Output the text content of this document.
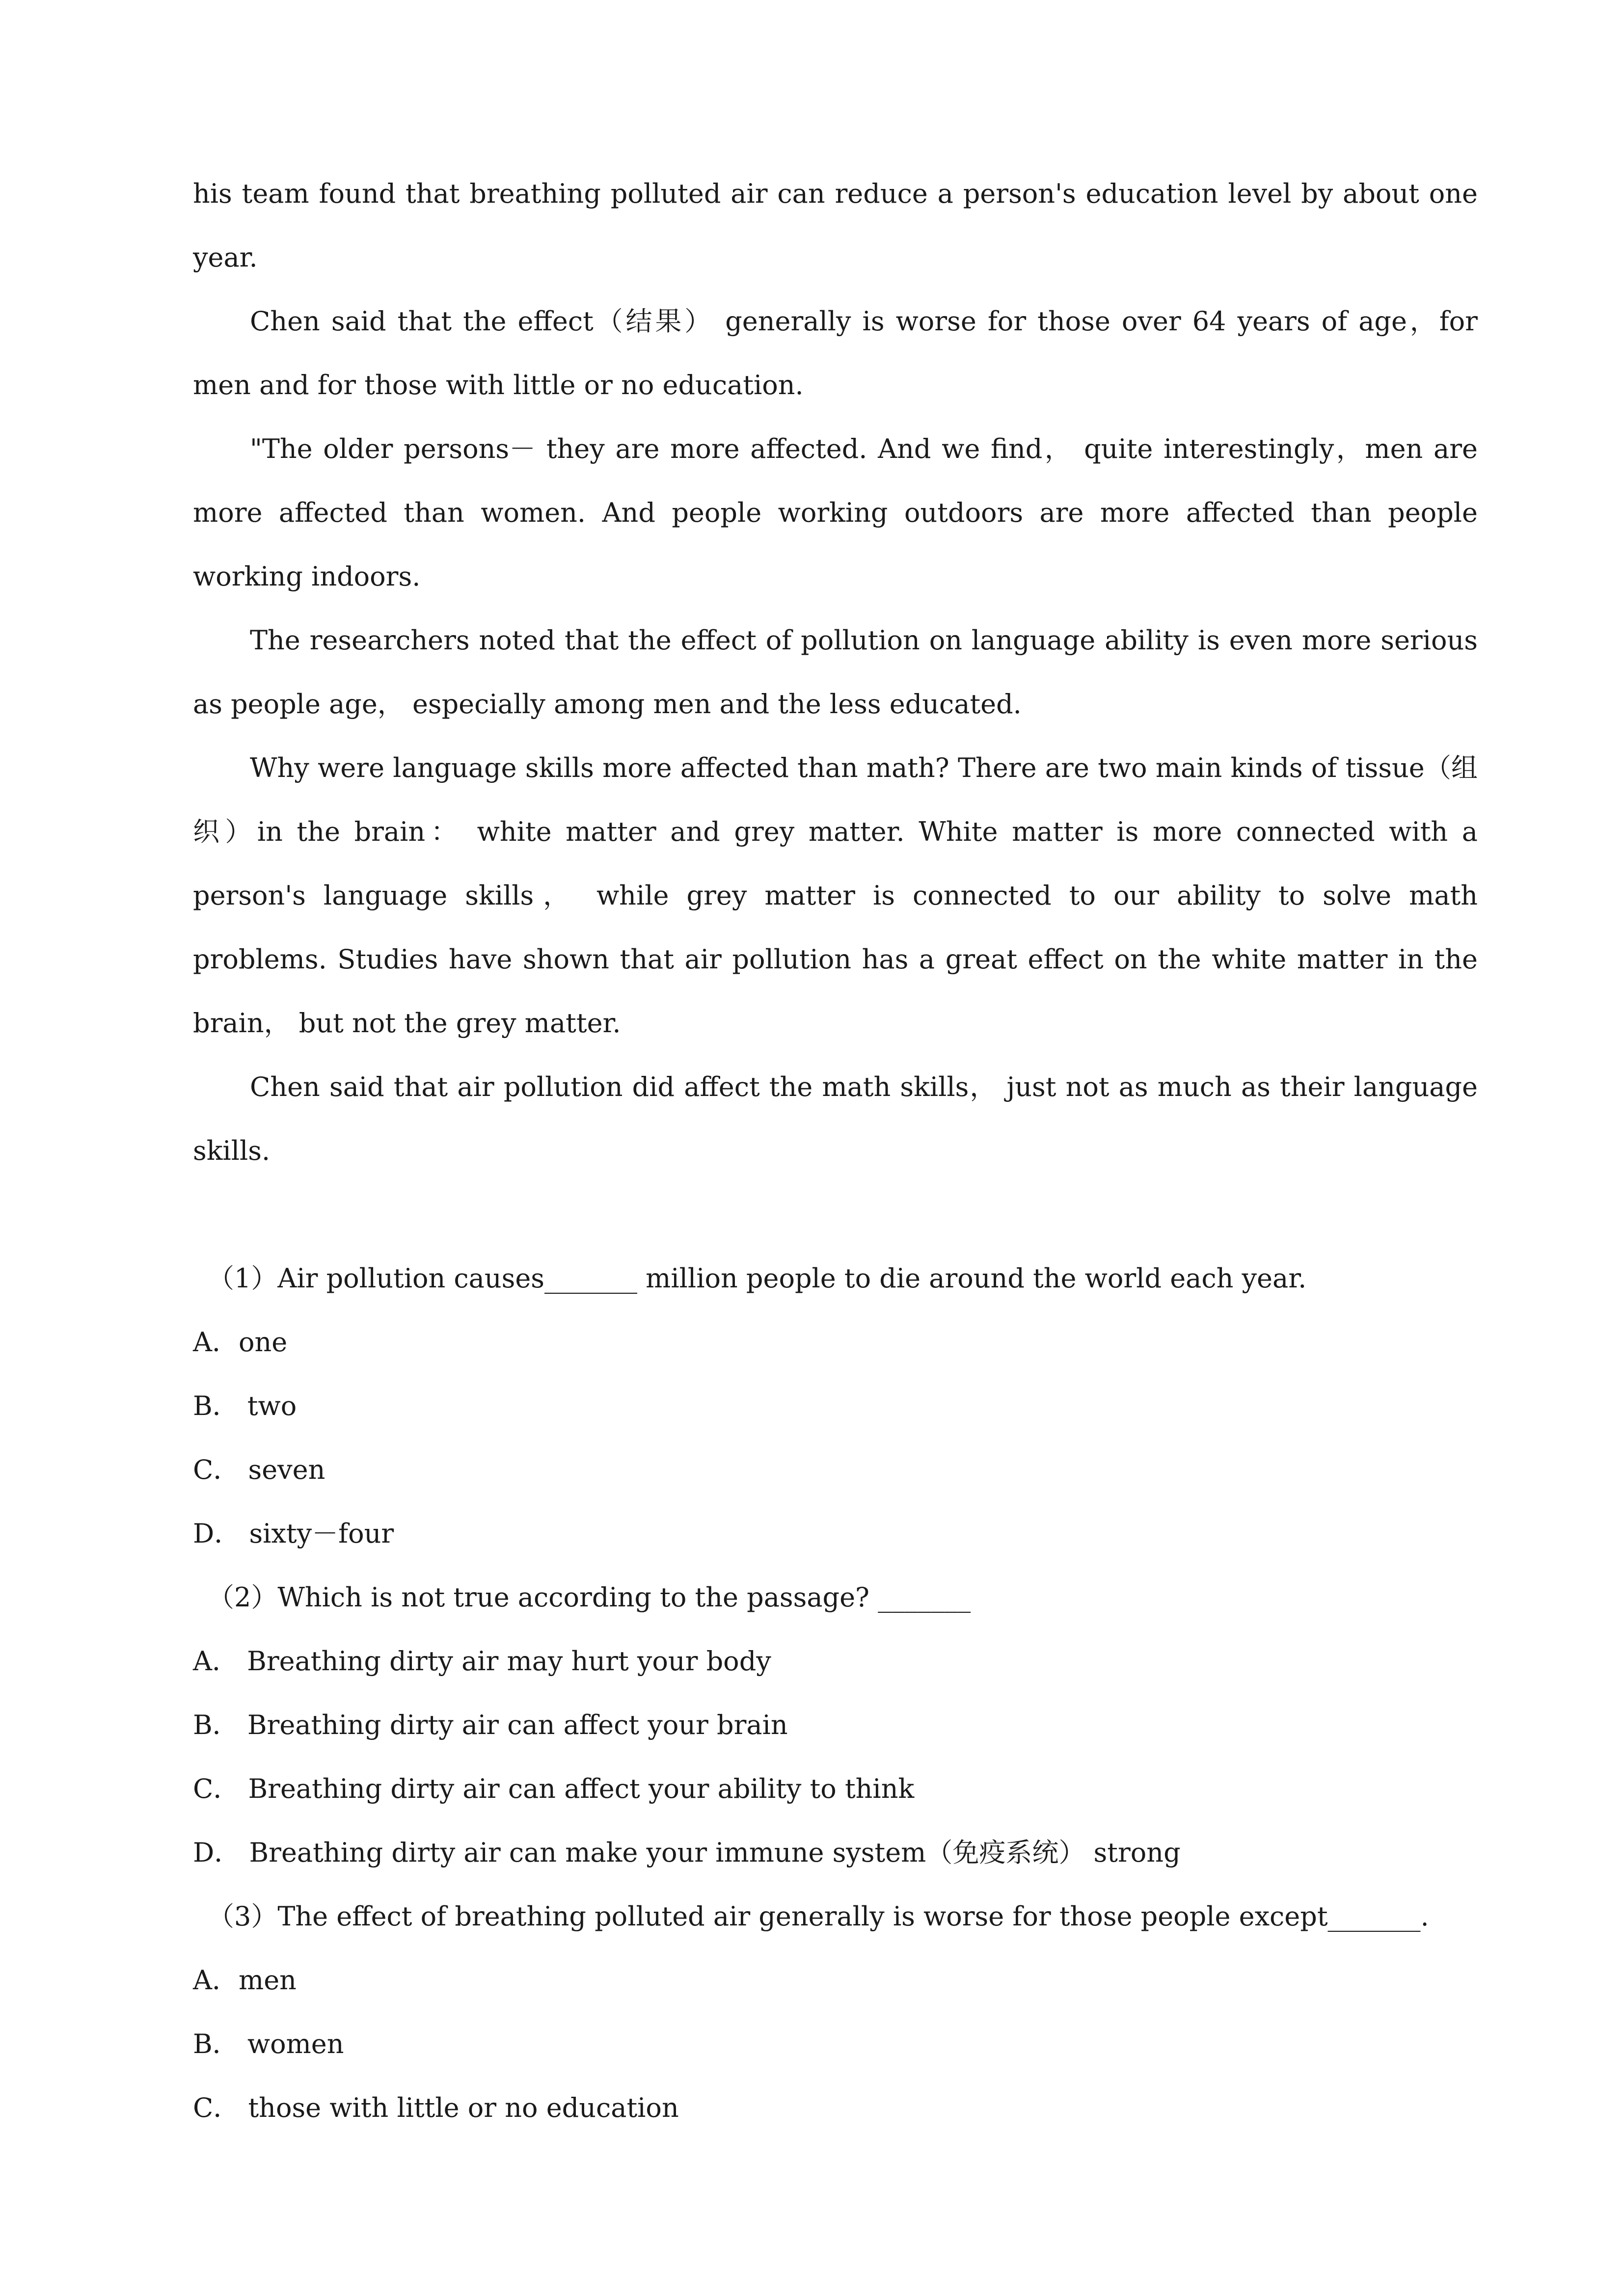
his team found that breathing polluted air can reduce a person's education level by about one year.

Chen said that the effect（结果） generally is worse for those over 64 years of age，for men and for those with little or no education.

"The older persons－ they are more affected. And we find， quite interestingly，men are more affected than women. And people working outdoors are more affected than people working indoors.

The researchers noted that the effect of pollution on language ability is even more serious as people age， especially among men and the less educated.

Why were language skills more affected than math? There are two main kinds of tissue（组织）in the brain： white matter and grey matter. White matter is more connected with a person's language skills， while grey matter is connected to our ability to solve math problems. Studies have shown that air pollution has a great effect on the white matter in the brain， but not the grey matter.

Chen said that air pollution did affect the math skills， just not as much as their language skills.

（1）Air pollution causes_______ million people to die around the world each year.

A．one

B． two

C． seven

D． sixty－four

（2）Which is not true according to the passage? _______

A． Breathing dirty air may hurt your body

B． Breathing dirty air can affect your brain

C． Breathing dirty air can affect your ability to think

D． Breathing dirty air can make your immune system（免疫系统） strong

（3）The effect of breathing polluted air generally is worse for those people except_______.

A．men

B． women

C． those with little or no education
